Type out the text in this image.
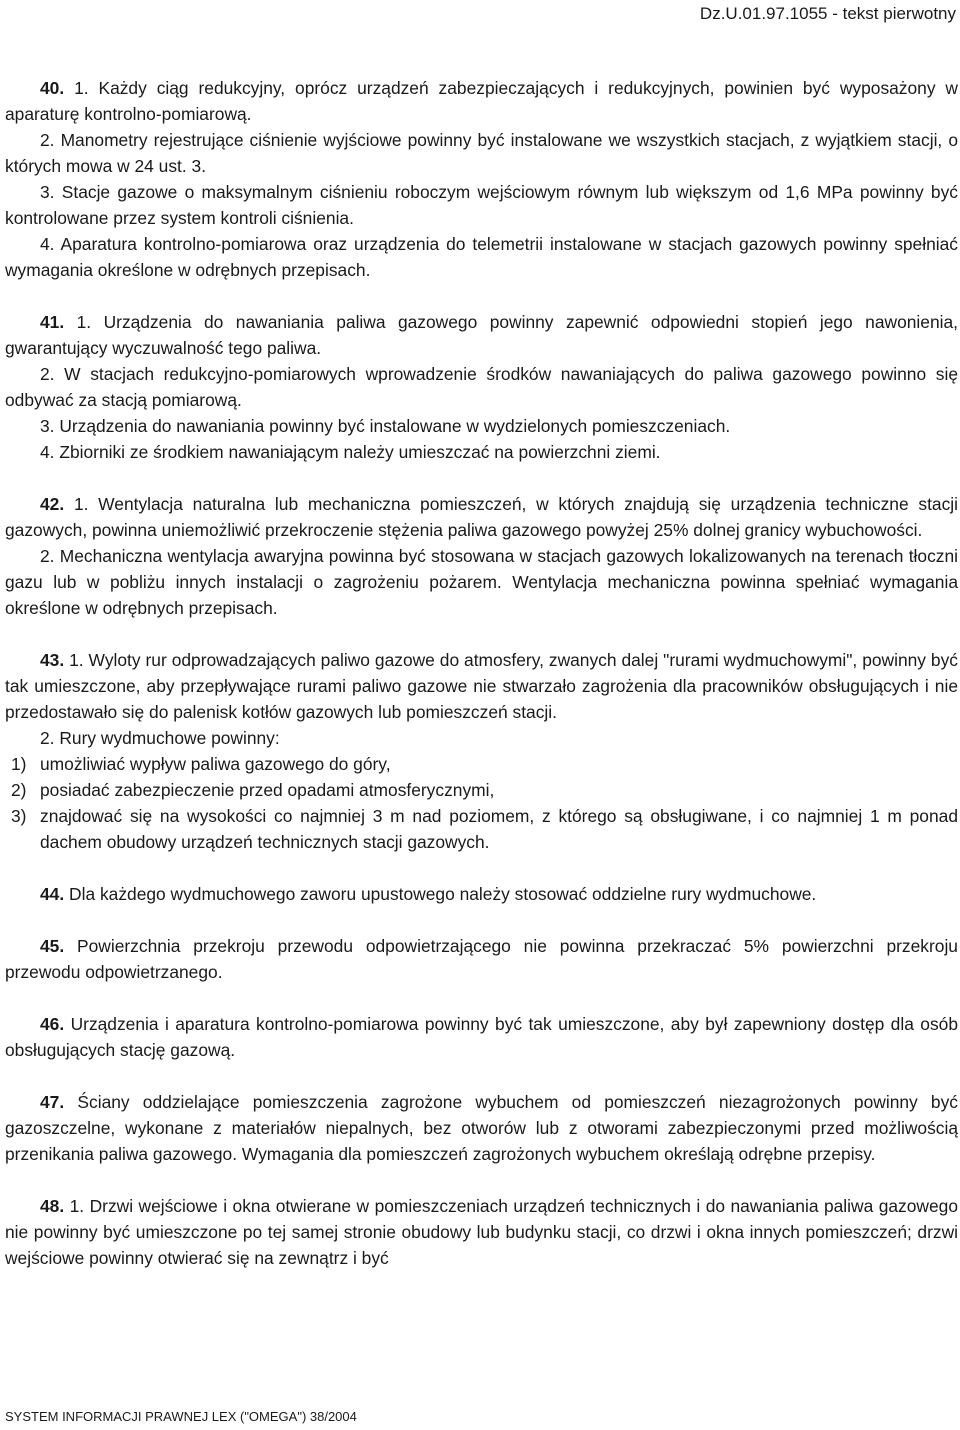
Dz.U.01.97.1055 - tekst pierwotny

40. 1. Każdy ciąg redukcyjny, oprócz urządzeń zabezpieczających i redukcyjnych, powinien być wyposażony w aparaturę kontrolno-pomiarową.

2. Manometry rejestrujące ciśnienie wyjściowe powinny być instalowane we wszystkich stacjach, z wyjątkiem stacji, o których mowa w 24 ust. 3.

3. Stacje gazowe o maksymalnym ciśnieniu roboczym wejściowym równym lub większym od 1,6 MPa powinny być kontrolowane przez system kontroli ciśnienia.

4. Aparatura kontrolno-pomiarowa oraz urządzenia do telemetrii instalowane w stacjach gazowych powinny spełniać wymagania określone w odrębnych przepisach.

41. 1. Urządzenia do nawaniania paliwa gazowego powinny zapewnić odpowiedni stopień jego nawonienia, gwarantujący wyczuwalność tego paliwa.

2. W stacjach redukcyjno-pomiarowych wprowadzenie środków nawaniających do paliwa gazowego powinno się odbywać za stacją pomiarową.

3. Urządzenia do nawaniania powinny być instalowane w wydzielonych pomieszczeniach.

4. Zbiorniki ze środkiem nawaniającym należy umieszczać na powierzchni ziemi.

42. 1. Wentylacja naturalna lub mechaniczna pomieszczeń, w których znajdują się urządzenia techniczne stacji gazowych, powinna uniemożliwić przekroczenie stężenia paliwa gazowego powyżej 25% dolnej granicy wybuchowości.

2. Mechaniczna wentylacja awaryjna powinna być stosowana w stacjach gazowych lokalizowanych na terenach tłoczni gazu lub w pobliżu innych instalacji o zagrożeniu pożarem. Wentylacja mechaniczna powinna spełniać wymagania określone w odrębnych przepisach.

43. 1. Wyloty rur odprowadzających paliwo gazowe do atmosfery, zwanych dalej "rurami wydmuchowymi", powinny być tak umieszczone, aby przepływające rurami paliwo gazowe nie stwarzało zagrożenia dla pracowników obsługujących i nie przedostawało się do palenisk kotłów gazowych lub pomieszczeń stacji.

2. Rury wydmuchowe powinny:

1) umożliwiać wypływ paliwa gazowego do góry,

2) posiadać zabezpieczenie przed opadami atmosferycznymi,

3) znajdować się na wysokości co najmniej 3 m nad poziomem, z którego są obsługiwane, i co najmniej 1 m ponad dachem obudowy urządzeń technicznych stacji gazowych.

44. Dla każdego wydmuchowego zaworu upustowego należy stosować oddzielne rury wydmuchowe.

45. Powierzchnia przekroju przewodu odpowietrzającego nie powinna przekraczać 5% powierzchni przekroju przewodu odpowietrzanego.

46. Urządzenia i aparatura kontrolno-pomiarowa powinny być tak umieszczone, aby był zapewniony dostęp dla osób obsługujących stację gazową.

47. Ściany oddzielające pomieszczenia zagrożone wybuchem od pomieszczeń niezagrożonych powinny być gazoszczelne, wykonane z materiałów niepalnych, bez otworów lub z otworami zabezpieczonymi przed możliwością przenikania paliwa gazowego. Wymagania dla pomieszczeń zagrożonych wybuchem określają odrębne przepisy.

48. 1. Drzwi wejściowe i okna otwierane w pomieszczeniach urządzeń technicznych i do nawaniania paliwa gazowego nie powinny być umieszczone po tej samej stronie obudowy lub budynku stacji, co drzwi i okna innych pomieszczeń; drzwi wejściowe powinny otwierać się na zewnątrz i być

SYSTEM INFORMACJI PRAWNEJ LEX ("OMEGA") 38/2004
